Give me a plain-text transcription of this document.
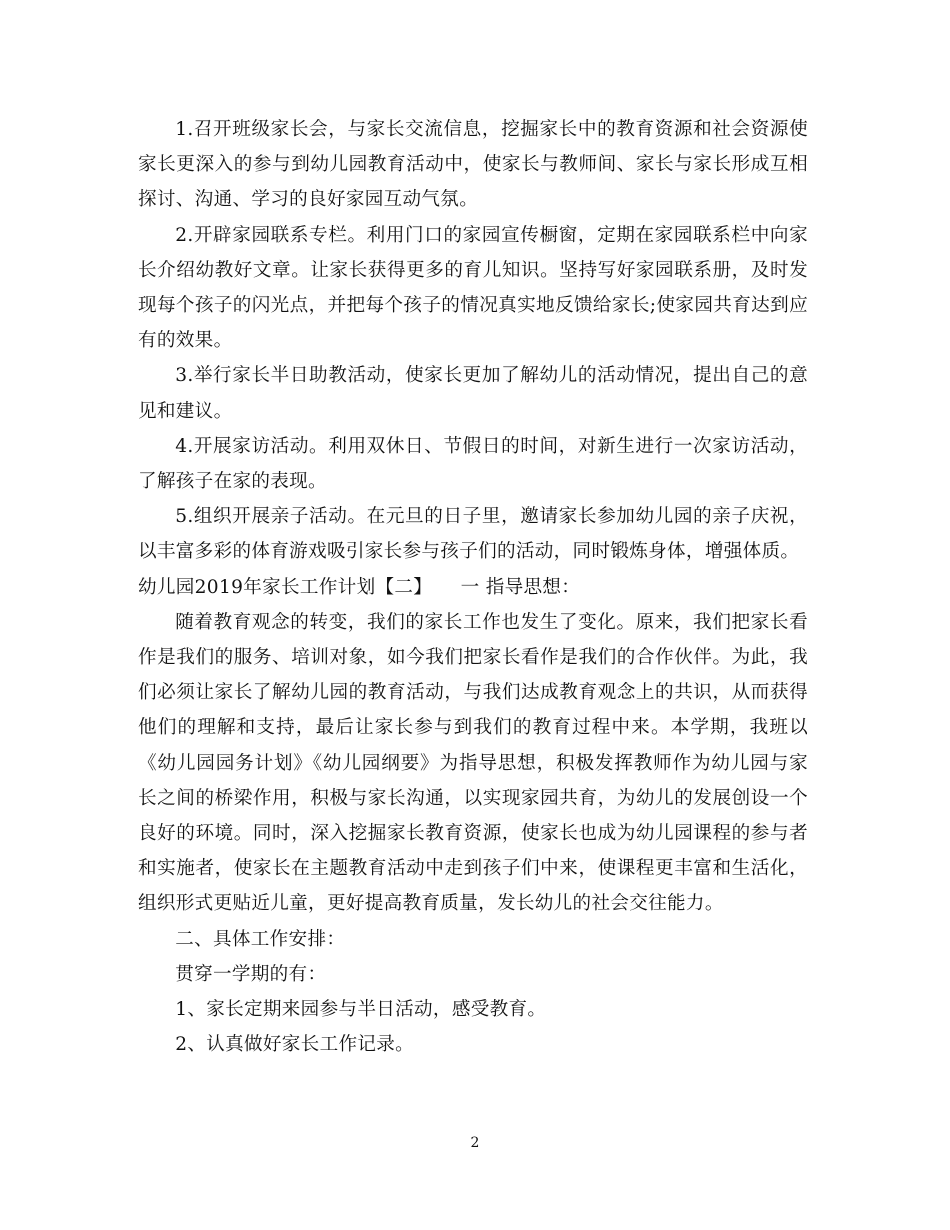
1.召开班级家长会，与家长交流信息，挖掘家长中的教育资源和社会资源使家长更深入的参与到幼儿园教育活动中，使家长与教师间、家长与家长形成互相探讨、沟通、学习的良好家园互动气氛。

2.开辟家园联系专栏。利用门口的家园宣传橱窗，定期在家园联系栏中向家长介绍幼教好文章。让家长获得更多的育儿知识。坚持写好家园联系册，及时发现每个孩子的闪光点，并把每个孩子的情况真实地反馈给家长;使家园共育达到应有的效果。

3.举行家长半日助教活动，使家长更加了解幼儿的活动情况，提出自己的意见和建议。

4.开展家访活动。利用双休日、节假日的时间，对新生进行一次家访活动，了解孩子在家的表现。

5.组织开展亲子活动。在元旦的日子里，邀请家长参加幼儿园的亲子庆祝，以丰富多彩的体育游戏吸引家长参与孩子们的活动，同时锻炼身体，增强体质。

幼儿园2019年家长工作计划【二】　　一 指导思想：

随着教育观念的转变，我们的家长工作也发生了变化。原来，我们把家长看作是我们的服务、培训对象，如今我们把家长看作是我们的合作伙伴。为此，我们必须让家长了解幼儿园的教育活动，与我们达成教育观念上的共识，从而获得他们的理解和支持，最后让家长参与到我们的教育过程中来。本学期，我班以《幼儿园园务计划》《幼儿园纲要》为指导思想，积极发挥教师作为幼儿园与家长之间的桥梁作用，积极与家长沟通，以实现家园共育，为幼儿的发展创设一个良好的环境。同时，深入挖掘家长教育资源，使家长也成为幼儿园课程的参与者和实施者，使家长在主题教育活动中走到孩子们中来，使课程更丰富和生活化，组织形式更贴近儿童，更好提高教育质量，发长幼儿的社会交往能力。

二、具体工作安排：

贯穿一学期的有：

1、家长定期来园参与半日活动，感受教育。

2、认真做好家长工作记录。

2
